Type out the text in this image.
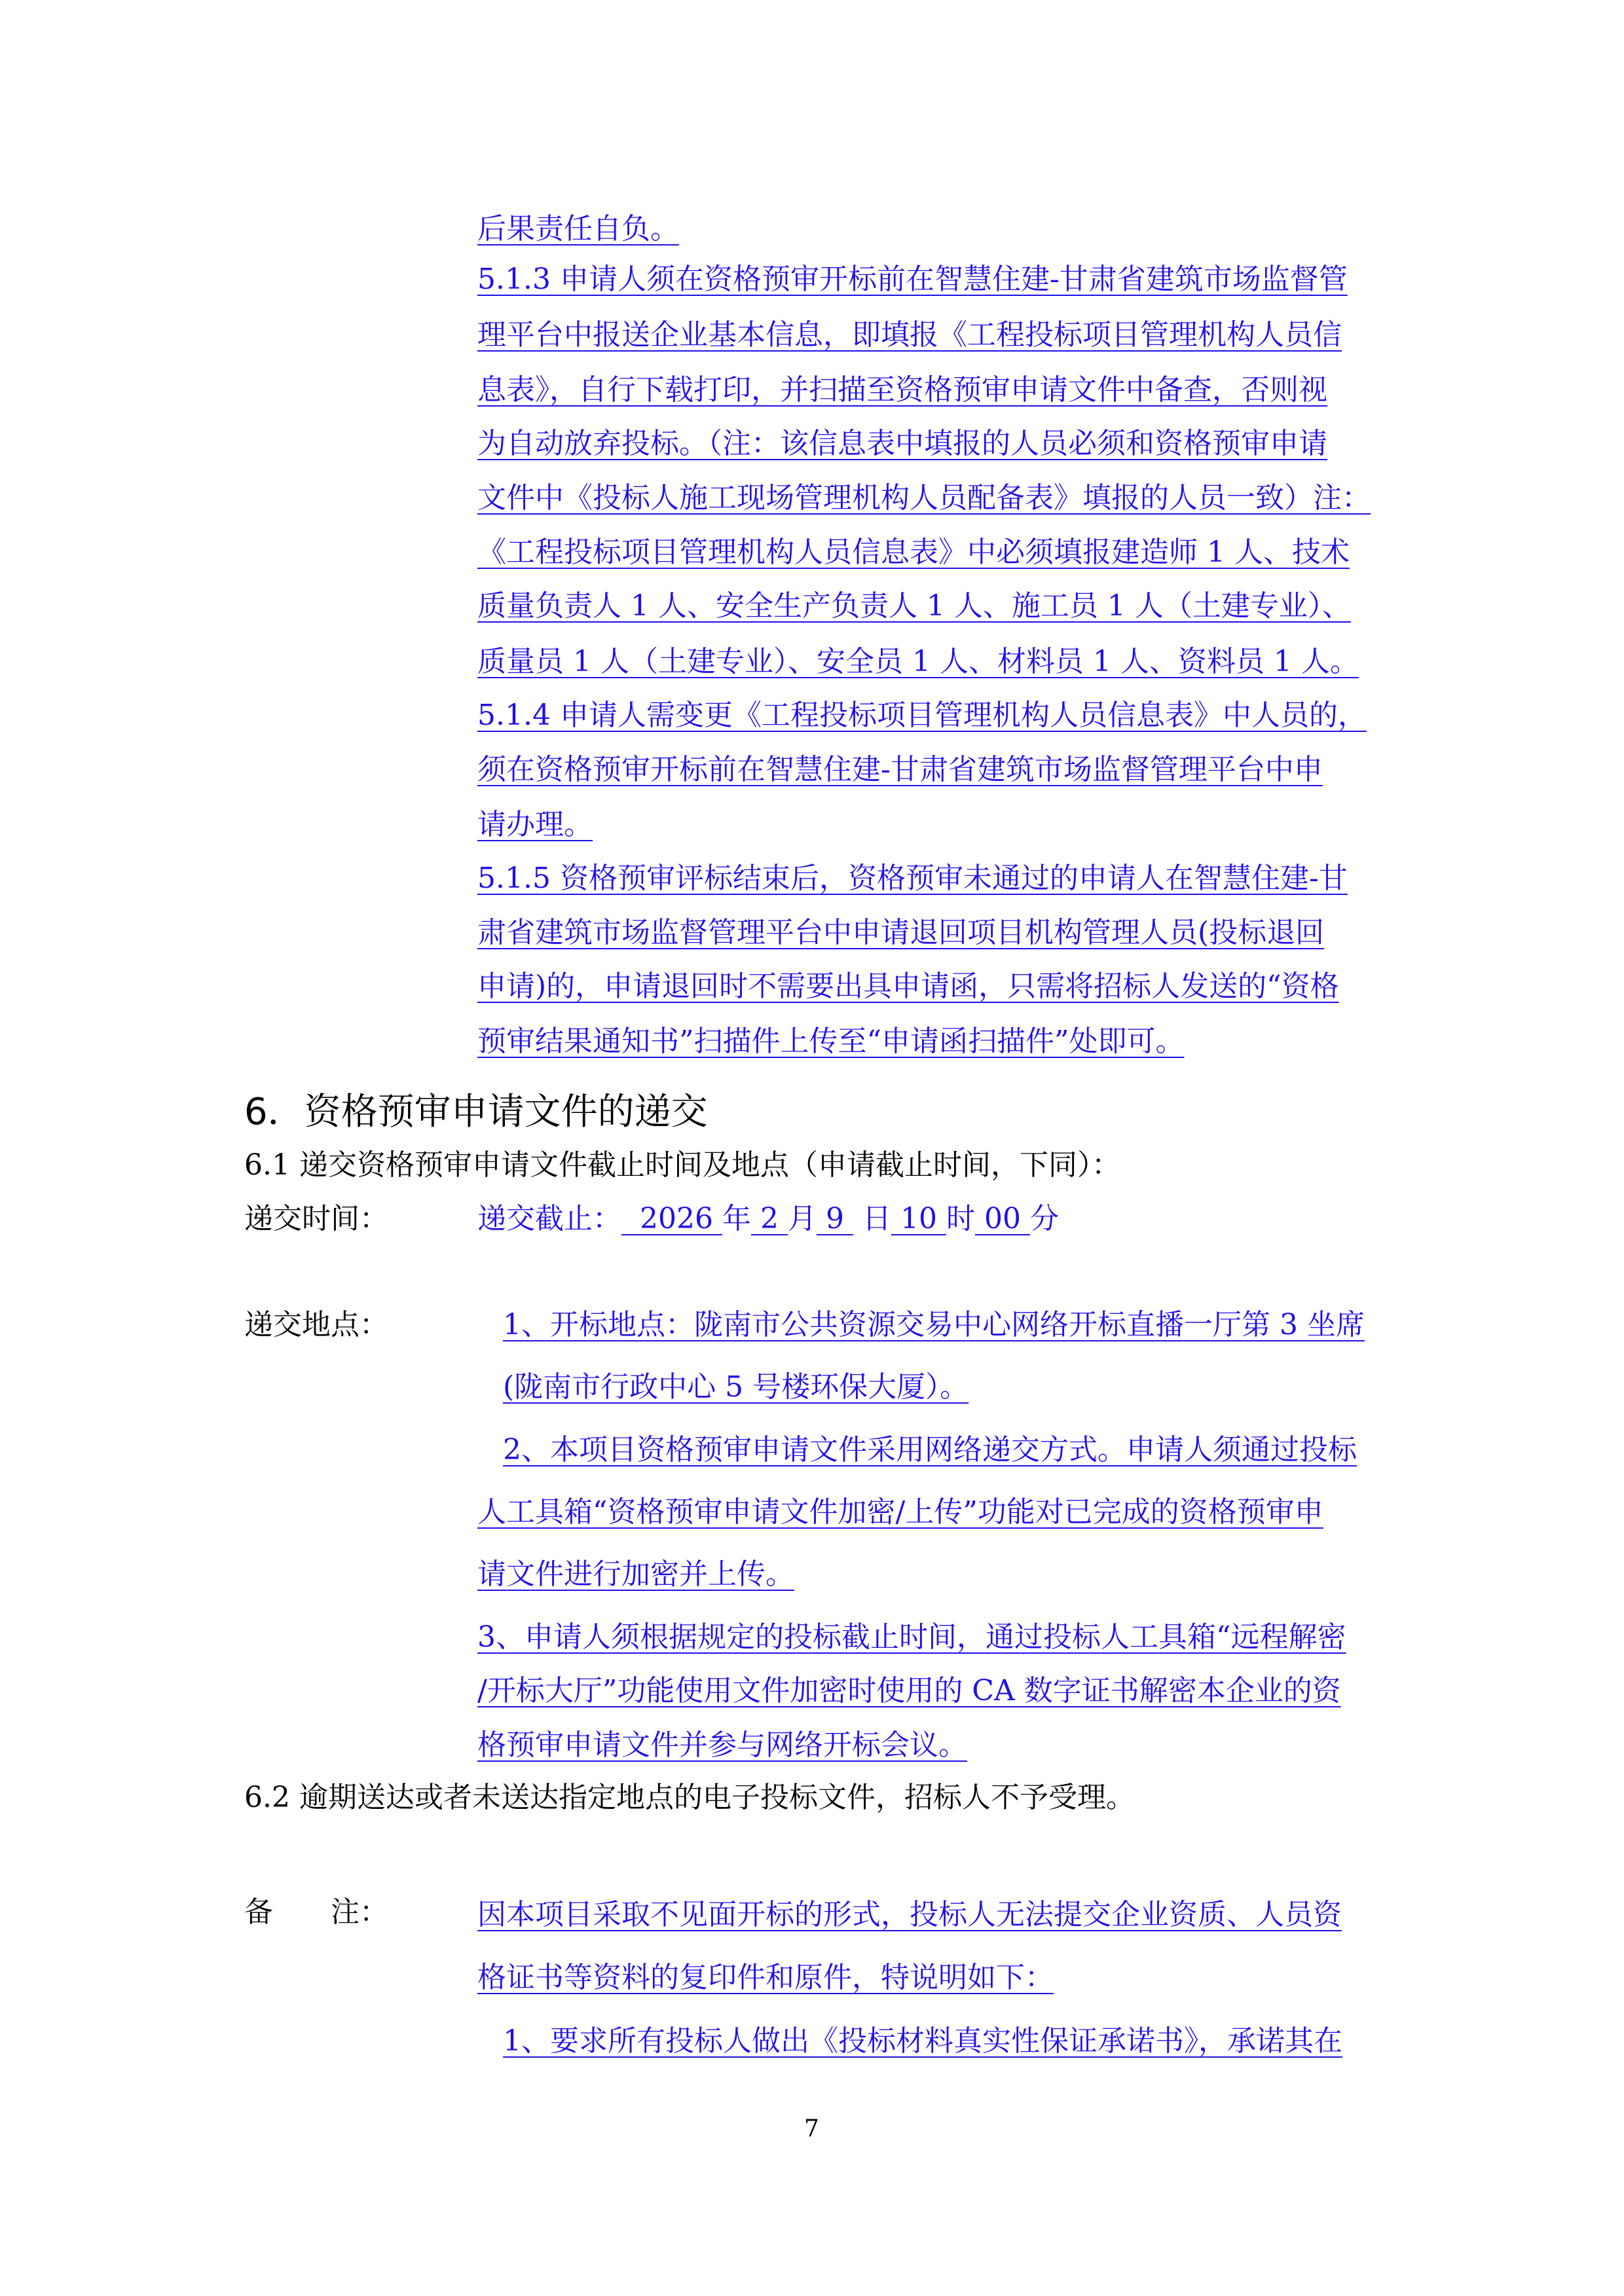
后果责任自负。
5.1.3 申请人须在资格预审开标前在智慧住建-甘肃省建筑市场监督管
理平台中报送企业基本信息，即填报《工程投标项目管理机构人员信
息表》，自行下载打印，并扫描至资格预审申请文件中备查，否则视
为自动放弃投标。（注：该信息表中填报的人员必须和资格预审申请
文件中《投标人施工现场管理机构人员配备表》填报的人员一致）注：
《工程投标项目管理机构人员信息表》中必须填报建造师 1 人、技术
质量负责人 1 人、安全生产负责人 1 人、施工员 1 人（土建专业）、
质量员 1 人（土建专业）、安全员 1 人、材料员 1 人、资料员 1 人。
5.1.4 申请人需变更《工程投标项目管理机构人员信息表》中人员的，
须在资格预审开标前在智慧住建-甘肃省建筑市场监督管理平台中申
请办理。
5.1.5 资格预审评标结束后，资格预审未通过的申请人在智慧住建-甘
肃省建筑市场监督管理平台中申请退回项目机构管理人员(投标退回
申请)的，申请退回时不需要出具申请函，只需将招标人发送的“资格
预审结果通知书”扫描件上传至“申请函扫描件”处即可。
6．资格预审申请文件的递交
6.1 递交资格预审申请文件截止时间及地点（申请截止时间，下同）：
递交时间：	递交截止： 2026 年 2 月 9 日 10 时 00 分
递交地点：	1、开标地点：陇南市公共资源交易中心网络开标直播一厅第 3 坐席
(陇南市行政中心 5 号楼环保大厦）。
2、本项目资格预审申请文件采用网络递交方式。申请人须通过投标
人工具箱“资格预审申请文件加密/上传”功能对已完成的资格预审申
请文件进行加密并上传。
3、申请人须根据规定的投标截止时间，通过投标人工具箱“远程解密
/开标大厅”功能使用文件加密时使用的 CA 数字证书解密本企业的资
格预审申请文件并参与网络开标会议。
6.2 逾期送达或者未送达指定地点的电子投标文件，招标人不予受理。
备　　注：	因本项目采取不见面开标的形式，投标人无法提交企业资质、人员资
格证书等资料的复印件和原件，特说明如下：
1、要求所有投标人做出《投标材料真实性保证承诺书》，承诺其在
7
